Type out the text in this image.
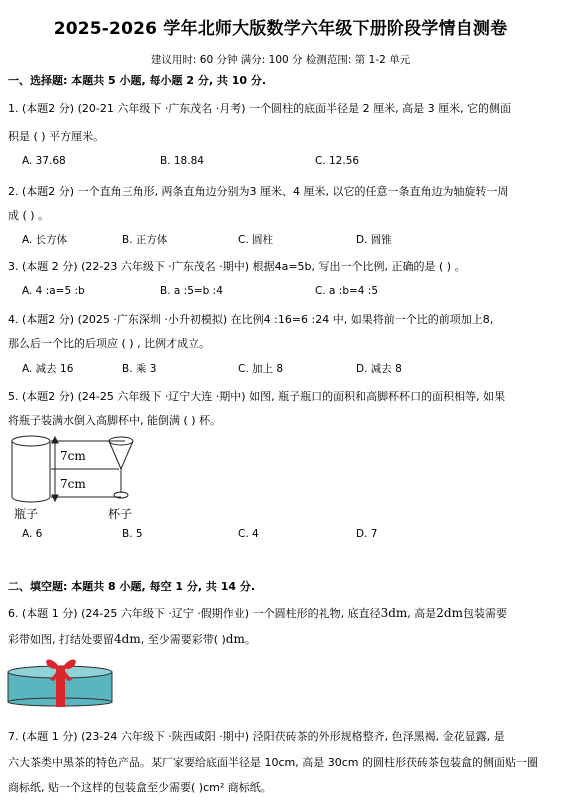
2025-2026 学年北师大版数学六年级下册阶段学情自测卷
建议用时: 60 分钟 满分: 100 分 检测范围: 第 1-2 单元
一、选择题: 本题共 5 小题, 每小题 2 分, 共 10 分.
1. (本题2 分) (20-21 六年级下 ·广东茂名 ·月考) 一个圆柱的底面半径是 2 厘米, 高是 3 厘米, 它的侧面
积是 ( ) 平方厘米。
A. 37.68	B. 18.84	C. 12.56
2. (本题2 分) 一个直角三角形, 两条直角边分别为3 厘米、4 厘米, 以它的任意一条直角边为轴旋转一周
成 ( ) 。
A. 长方体	B. 正方体	C. 圆柱	D. 圆锥
3. (本题 2 分) (22-23 六年级下 ·广东茂名 ·期中) 根据4a=5b, 写出一个比例, 正确的是 ( ) 。
A. 4 :a=5 :b	B. a :5=b :4	C. a :b=4 :5
4. (本题2 分) (2025 ·广东深圳 ·小升初模拟) 在比例4 :16=6 :24 中, 如果将前一个比的前项加上8,
那么后一个比的后项应 ( ) , 比例才成立。
A. 减去 16	B. 乘 3	C. 加上 8	D. 减去 8
5. (本题2 分) (24-25 六年级下 ·辽宁大连 ·期中) 如图, 瓶子瓶口的面积和高脚杯杯口的面积相等, 如果
将瓶子装满水倒入高脚杯中, 能倒满 ( ) 杯。
7cm
7cm
瓶子	杯子
A. 6	B. 5	C. 4	D. 7
二、填空题: 本题共 8 小题, 每空 1 分, 共 14 分.
6. (本题 1 分) (24-25 六年级下 ·辽宁 ·假期作业) 一个圆柱形的礼物, 底直径3dm, 高是2dm包装需要
彩带如图, 打结处要留4dm, 至少需要彩带( )dm。
7. (本题 1 分) (23-24 六年级下 ·陕西咸阳 ·期中) 泾阳茯砖茶的外形规格整齐, 色泽黑褐, 金花显露, 是
六大茶类中黑茶的特色产品。某厂家要给底面半径是 10cm, 高是 30cm 的圆柱形茯砖茶包装盒的侧面贴一圈
商标纸, 贴一个这样的包装盒至少需要( )cm² 商标纸。
